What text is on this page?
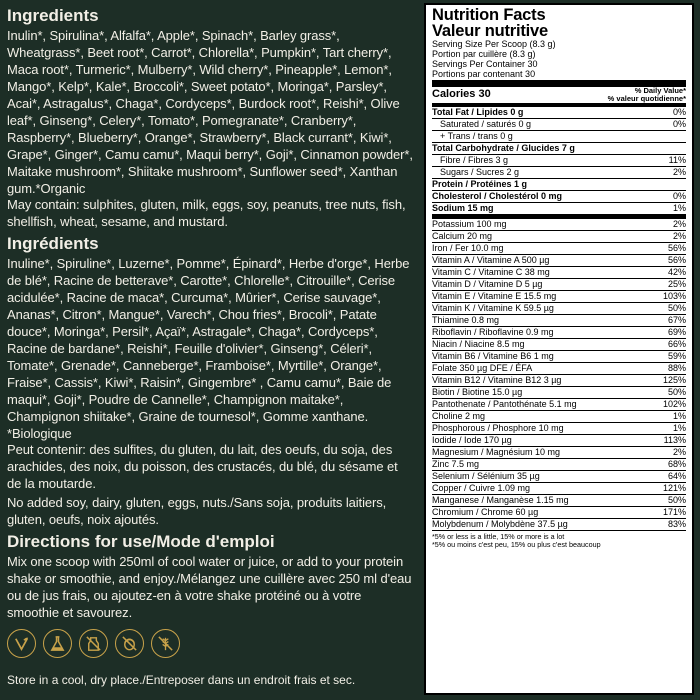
Ingredients
Inulin*, Spirulina*, Alfalfa*, Apple*, Spinach*, Barley grass*, Wheatgrass*, Beet root*, Carrot*, Chlorella*, Pumpkin*, Tart cherry*, Maca root*, Turmeric*, Mulberry*, Wild cherry*, Pineapple*, Lemon*, Mango*, Kelp*, Kale*, Broccoli*, Sweet potato*, Moringa*, Parsley*, Acai*, Astragalus*, Chaga*, Cordyceps*, Burdock root*, Reishi*, Olive leaf*, Ginseng*, Celery*, Tomato*, Pomegranate*, Cranberry*, Raspberry*, Blueberry*, Orange*, Strawberry*, Black currant*, Kiwi*, Grape*, Ginger*, Camu camu*, Maqui berry*, Goji*, Cinnamon powder*, Maitake mushroom*, Shiitake mushroom*, Sunflower seed*, Xanthan gum.*Organic
May contain: sulphites, gluten, milk, eggs, soy, peanuts, tree nuts, fish, shellfish, wheat, sesame, and mustard.
Ingrédients
Inuline*, Spiruline*, Luzerne*, Pomme*, Épinard*, Herbe d'orge*, Herbe de blé*, Racine de betterave*, Carotte*, Chlorelle*, Citrouille*, Cerise acidulée*, Racine de maca*, Curcuma*, Mûrier*, Cerise sauvage*, Ananas*, Citron*, Mangue*, Varech*, Chou fries*, Brocoli*, Patate douce*, Moringa*, Persil*, Açaï*, Astragale*, Chaga*, Cordyceps*, Racine de bardane*, Reishi*, Feuille d'olivier*, Ginseng*, Céleri*, Tomate*, Grenade*, Canneberge*, Framboise*, Myrtille*, Orange*, Fraise*, Cassis*, Kiwi*, Raisin*, Gingembre* , Camu camu*, Baie de maqui*, Goji*, Poudre de Cannelle*, Champignon maitake*, Champignon shiitake*, Graine de tournesol*, Gomme xanthane. *Biologique
Peut contenir: des sulfites, du gluten, du lait, des oeufs, du soja, des arachides, des noix, du poisson, des crustacés, du blé, du sésame et de la moutarde.
No added soy, dairy, gluten, eggs, nuts./Sans soja, produits laitiers, gluten, oeufs, noix ajoutés.
Directions for use/Mode d'emploi
Mix one scoop with 250ml of cool water or juice, or add to your protein shake or smoothie, and enjoy./Mélangez une cuillère avec 250 ml d'eau ou de jus frais, ou ajoutez-en à votre shake protéiné ou à votre smoothie et savourez.
Store in a cool, dry place./Entreposer dans un endroit frais et sec.
Nutrition Facts
Valeur nutritive
Serving Size Per Scoop (8.3 g)
Portion par cuillère (8.3 g)
Servings Per Container 30
Portions par contenant 30
Calories 30	% Daily Value*
% valeur quotidienne*
Total Fat / Lipides 0 g	0%
Saturated / saturés 0 g	0%
+ Trans / trans 0 g
Total Carbohydrate / Glucides 7 g
Fibre / Fibres 3 g	11%
Sugars / Sucres 2 g	2%
Protein / Protéines 1 g
Cholesterol / Cholestérol 0 mg	0%
Sodium 15 mg	1%
Potassium 100 mg	2%
Calcium 20 mg	2%
Iron / Fer 10.0 mg	56%
Vitamin A / Vitamine A 500 µg	56%
Vitamin C / Vitamine C 38 mg	42%
Vitamin D / Vitamine D 5 µg	25%
Vitamin E / Vitamine E 15.5 mg	103%
Vitamin K / Vitamine K 59.5 µg	50%
Thiamine 0.8 mg	67%
Riboflavin / Riboflavine 0.9 mg	69%
Niacin / Niacine 8.5 mg	66%
Vitamin B6 / Vitamine B6 1 mg	59%
Folate 350 µg DFE / ÉFA	88%
Vitamin B12 / Vitamine B12 3 µg	125%
Biotin / Biotine 15.0 µg	50%
Pantothenate / Pantothénate 5.1 mg	102%
Choline 2 mg	1%
Phosphorous / Phosphore 10 mg	1%
Iodide / Iode 170 µg	113%
Magnesium / Magnésium 10 mg	2%
Zinc 7.5 mg	68%
Selenium / Sélénium 35 µg	64%
Copper / Cuivre 1.09 mg	121%
Manganese / Manganèse 1.15 mg	50%
Chromium / Chrome 60 µg	171%
Molybdenum / Molybdène 37.5 µg	83%
*5% or less is a little, 15% or more is a lot
*5% ou moins c'est peu, 15% ou plus c'est beaucoup
